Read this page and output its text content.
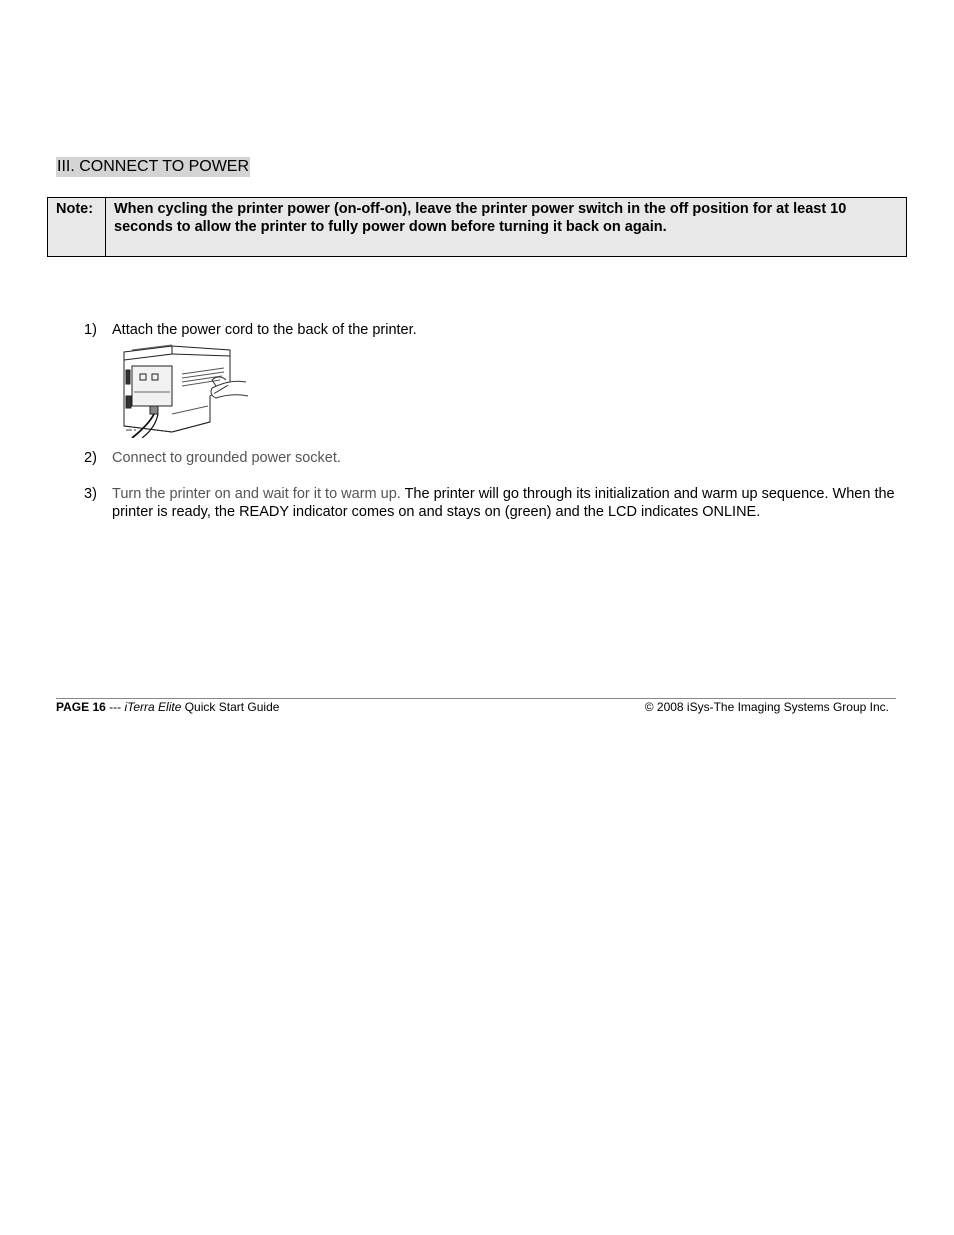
III. CONNECT TO POWER
Note:	When cycling the printer power (on-off-on), leave the printer power switch in the off position for at least 10 seconds to allow the printer to fully power down before turning it back on again.
1)	Attach the power cord to the back of the printer.
2)	Connect to grounded power socket.
3)	Turn the printer on and wait for it to warm up. The printer will go through its initialization and warm up sequence. When the printer is ready, the READY indicator comes on and stays on (green) and the LCD indicates ONLINE.
PAGE 16 --- iTerra Elite Quick Start Guide	© 2008 iSys-The Imaging Systems Group Inc.
